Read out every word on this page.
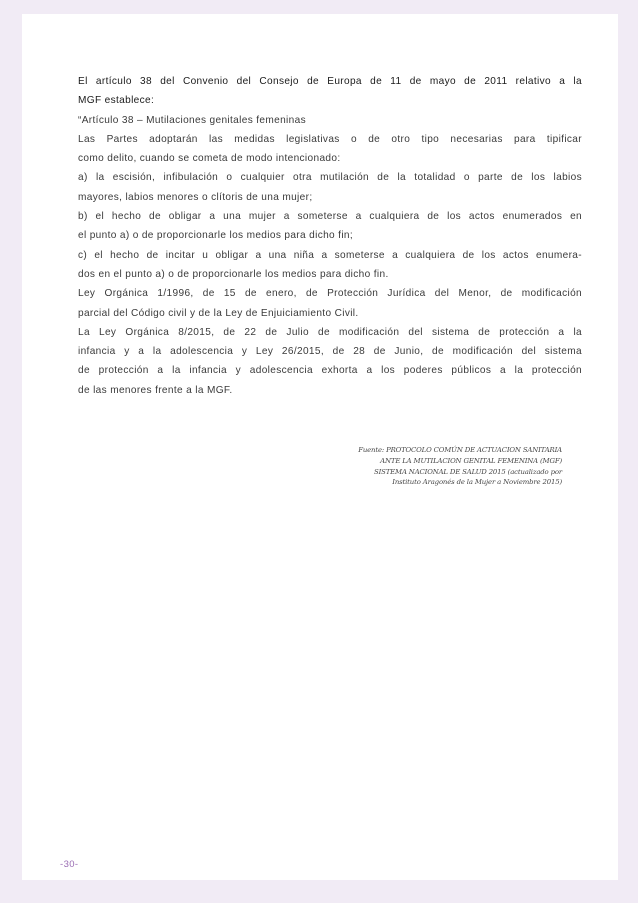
El artículo 38 del Convenio del Consejo de Europa de 11 de mayo de 2011 relativo a la
MGF establece:
“Artículo 38 – Mutilaciones genitales femeninas
Las Partes adoptarán las medidas legislativas o de otro tipo necesarias para tipificar
como delito, cuando se cometa de modo intencionado:
a) la escisión, infibulación o cualquier otra mutilación de la totalidad o parte de los labios
mayores, labios menores o clítoris de una mujer;
b) el hecho de obligar a una mujer a someterse a cualquiera de los actos enumerados en
el punto a) o de proporcionarle los medios para dicho fin;
c) el hecho de incitar u obligar a una niña a someterse a cualquiera de los actos enumera-
dos en el punto a) o de proporcionarle los medios para dicho fin.
Ley Orgánica 1/1996, de 15 de enero, de Protección Jurídica del Menor, de modificación
parcial del Código civil y de la Ley de Enjuiciamiento Civil.
La Ley Orgánica 8/2015, de 22 de Julio de modificación del sistema de protección a la
infancia y a la adolescencia y Ley 26/2015, de 28 de Junio, de modificación del sistema
de protección a la infancia y adolescencia exhorta a los poderes públicos a la protección
de las menores frente a la MGF.
Fuente: PROTOCOLO COMÚN DE ACTUACION SANITARIA
ANTE LA MUTILACION GENITAL FEMENINA (MGF)
SISTEMA NACIONAL DE SALUD 2015 (actualizado por
Instituto Aragonés de la Mujer a Noviembre 2015)
-30-
